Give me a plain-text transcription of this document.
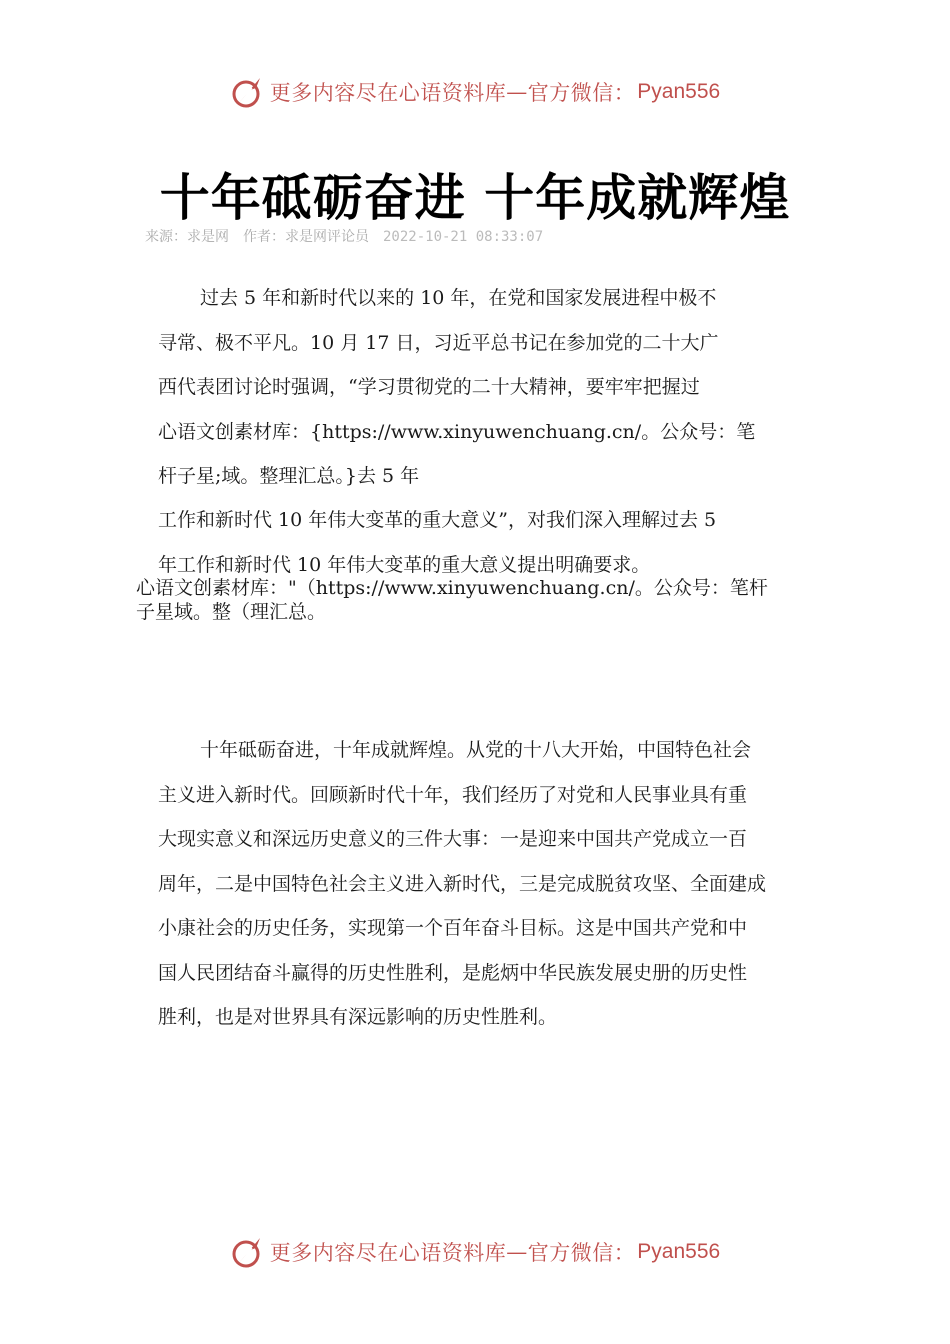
更多内容尽在心语资料库 — 官方微信： Pyan556
十年砥砺奋进 十年成就辉煌
来源：求是网 作者：求是网评论员 2022-10-21 08:33:07
过去 5 年和新时代以来的 10 年，在党和国家发展进程中极不
寻常、极不平凡。10 月 17 日，习近平总书记在参加党的二十大广
西代表团讨论时强调，“学习贯彻党的二十大精神，要牢牢把握过
心语文创素材库：{https://www.xinyuwenchuang.cn/。公众号：笔
杆子星;域。整理汇总。}去 5 年
工作和新时代 10 年伟大变革的重大意义”，对我们深入理解过去 5
年工作和新时代 10 年伟大变革的重大意义提出明确要求。
心语文创素材库："（https://www.xinyuwenchuang.cn/。公众号：笔杆
子星域。整（理汇总。
十年砥砺奋进，十年成就辉煌。从党的十八大开始，中国特色社会
主义进入新时代。回顾新时代十年，我们经历了对党和人民事业具有重
大现实意义和深远历史意义的三件大事：一是迎来中国共产党成立一百
周年，二是中国特色社会主义进入新时代，三是完成脱贫攻坚、全面建成
小康社会的历史任务，实现第一个百年奋斗目标。这是中国共产党和中
国人民团结奋斗赢得的历史性胜利，是彪炳中华民族发展史册的历史性
胜利，也是对世界具有深远影响的历史性胜利。
更多内容尽在心语资料库 — 官方微信： Pyan556
